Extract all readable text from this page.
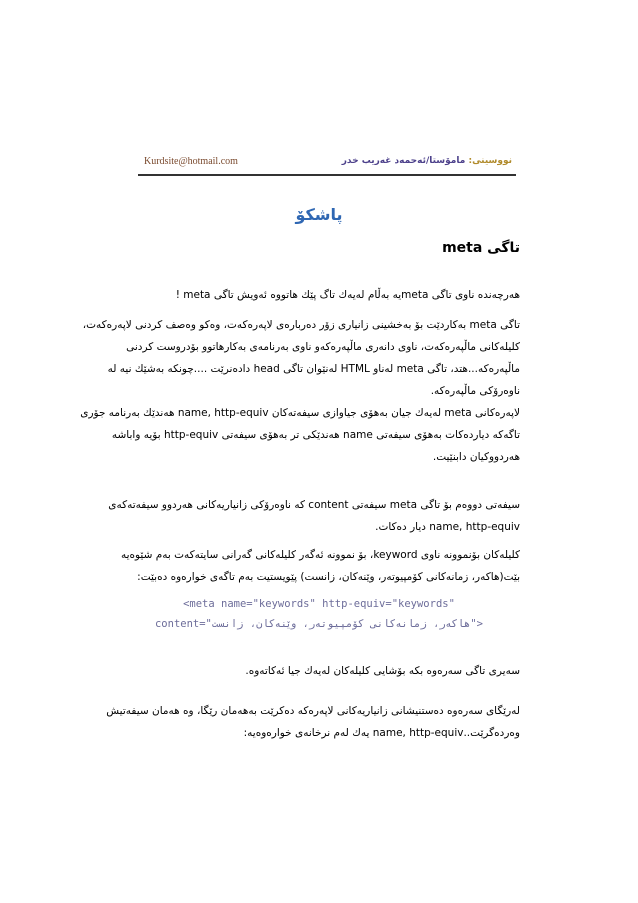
Kurdsite@hotmail.com	نووسینی: مامۆستا/ئەحمەد غەریب خدر
پاشكۆ
تاگی meta

هەرچەندە ناوی تاگی metaیە بەڵام لەیەك تاگ پێك هاتووە ئەویش تاگی meta !

تاگی meta بەكاردێت بۆ بەخشینی زانیاری زۆر دەربارەی لاپەرەكەت، وەكو وەصف كردنی لاپەرەكەت، كلیلەكانی ماڵپەرەكەت، ناوی دانەری ماڵپەرەكەو ناوی بەرنامەی بەكارهاتوو بۆدروست كردنی ماڵپەرەكە...هتد، تاگی meta لەناو HTML لەنێوان تاگی head دادەنرێت ....چونكە بەشێك نیە لە ناوەرۆكی ماڵپەرەكە.

لاپەرەكانی meta لەیەك جیان بەهۆی جیاوازی سیفەتەكان name, http-equiv هەندێك بەرنامە جۆری تاگەكە دیاردەكات بەهۆی سیفەتی name هەندێكی تر بەهۆی سیفەتی http-equiv بۆیە واباشە هەردووكیان دابنێیت.

سیفەتی دووەم بۆ تاگی meta سیفەتی content كە ناوەرۆكی زانیاریەكانی هەردوو سیفەتەكەی name, http-equiv دیار دەكات.

كلیلەكان بۆنموونە ناوی keyword، بۆ نموونە ئەگەر كلیلەكانی گەرانی سایتەكەت بەم شێوەیە بێت(هاكەر، زمانەكانی كۆمپیوتەر، وێنەكان، زانست) پێویستیت بەم تاگەی خوارەوە دەبێت:

<meta name="keywords" http-equiv="keywords"
content="هاكەر، زمانەكانی كۆمپیوتەر، وێنەكان، زانست">

سەیری تاگی سەرەوە بكە بۆشایی كلیلەكان لەیەك جیا ئەكاتەوە.

لەرێگای سەرەوە دەستنیشانی زانیاریەكانی لاپەرەكە دەكرێت بەهەمان رێگا، وە هەمان سیفەتیش وەردەگرێت..name, http-equiv یەك لەم نرخانەی خوارەوەیە:
